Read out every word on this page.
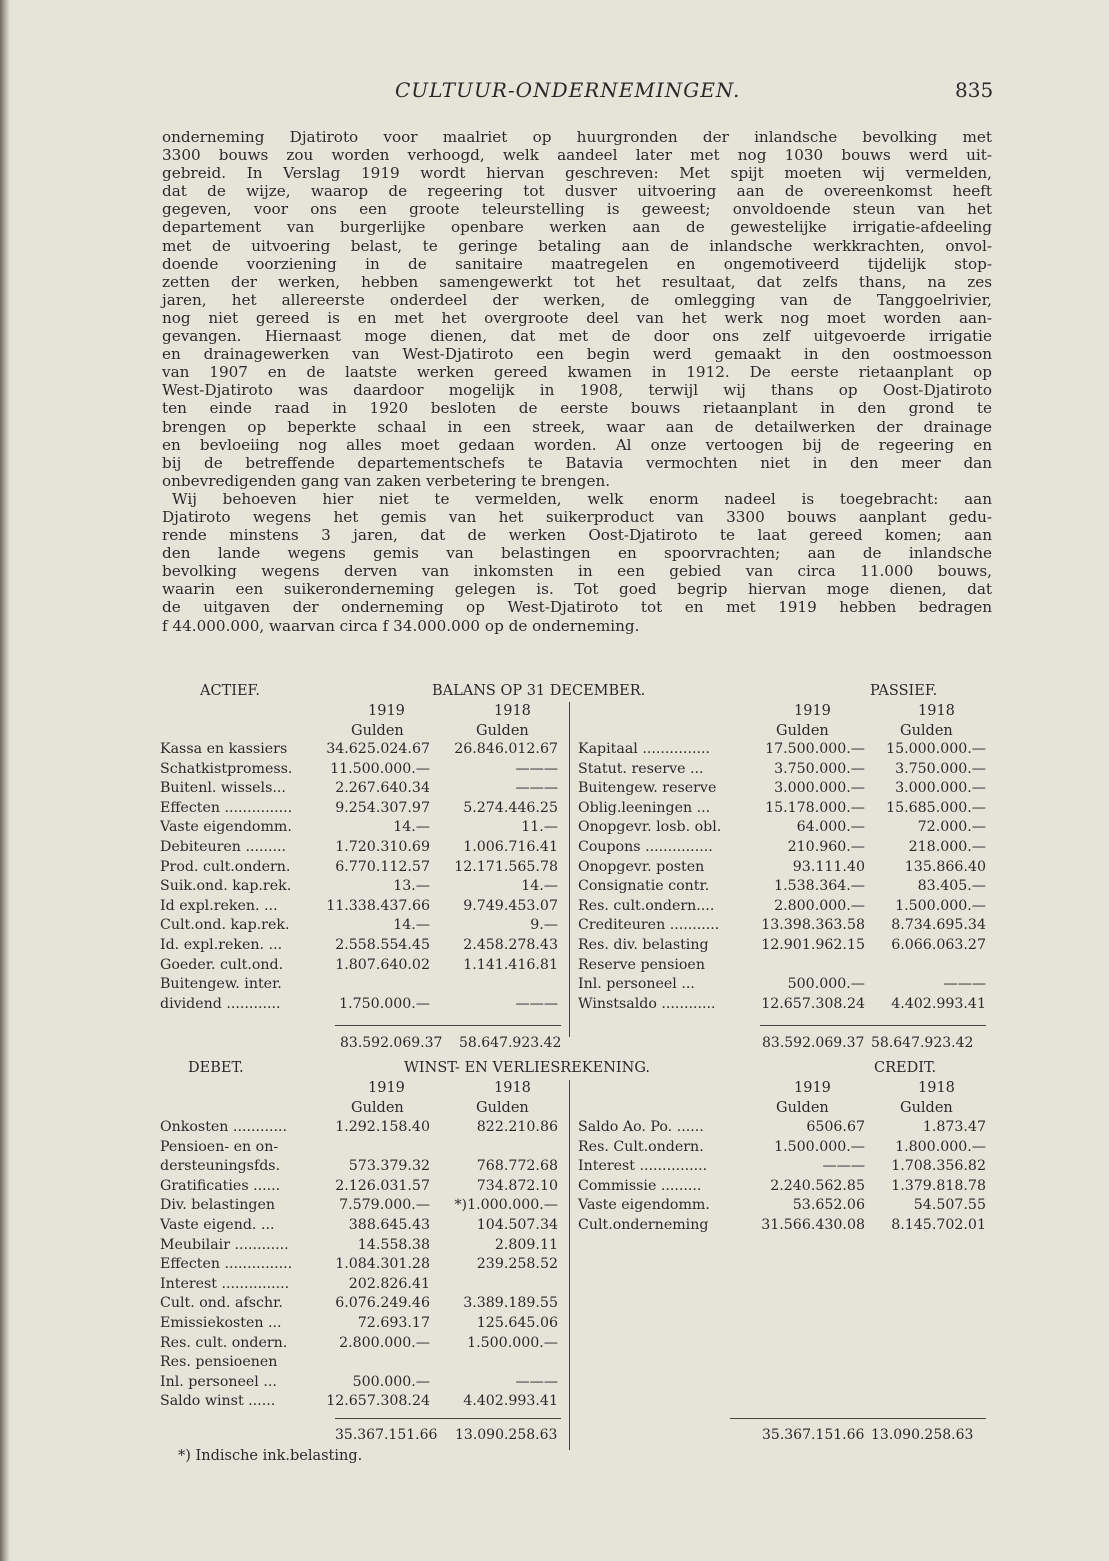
CULTUUR-ONDERNEMINGEN.	835
onderneming Djatiroto voor maalriet op huurgronden der inlandsche bevolking met
3300 bouws zou worden verhoogd, welk aandeel later met nog 1030 bouws werd uit-
gebreid. In Verslag 1919 wordt hiervan geschreven: Met spijt moeten wij vermelden,
dat de wijze, waarop de regeering tot dusver uitvoering aan de overeenkomst heeft
gegeven, voor ons een groote teleurstelling is geweest; onvoldoende steun van het
departement van burgerlijke openbare werken aan de gewestelijke irrigatie-afdeeling
met de uitvoering belast, te geringe betaling aan de inlandsche werkkrachten, onvol-
doende voorziening in de sanitaire maatregelen en ongemotiveerd tijdelijk stop-
zetten der werken, hebben samengewerkt tot het resultaat, dat zelfs thans, na zes
jaren, het allereerste onderdeel der werken, de omlegging van de Tanggoelrivier,
nog niet gereed is en met het overgroote deel van het werk nog moet worden aan-
gevangen. Hiernaast moge dienen, dat met de door ons zelf uitgevoerde irrigatie
en drainagewerken van West-Djatiroto een begin werd gemaakt in den oostmoesson
van 1907 en de laatste werken gereed kwamen in 1912. De eerste rietaanplant op
West-Djatiroto was daardoor mogelijk in 1908, terwijl wij thans op Oost-Djatiroto
ten einde raad in 1920 besloten de eerste bouws rietaanplant in den grond te
brengen op beperkte schaal in een streek, waar aan de detailwerken der drainage
en bevloeiing nog alles moet gedaan worden. Al onze vertoogen bij de regeering en
bij de betreffende departementschefs te Batavia vermochten niet in den meer dan
onbevredigenden gang van zaken verbetering te brengen.
Wij behoeven hier niet te vermelden, welk enorm nadeel is toegebracht: aan
Djatiroto wegens het gemis van het suikerproduct van 3300 bouws aanplant gedu-
rende minstens 3 jaren, dat de werken Oost-Djatiroto te laat gereed komen; aan
den lande wegens gemis van belastingen en spoorvrachten; aan de inlandsche
bevolking wegens derven van inkomsten in een gebied van circa 11.000 bouws,
waarin een suikeronderneming gelegen is. Tot goed begrip hiervan moge dienen, dat
de uitgaven der onderneming op West-Djatiroto tot en met 1919 hebben bedragen
f 44.000.000, waarvan circa f 34.000.000 op de onderneming.
ACTIEF.	BALANS OP 31 DECEMBER.	PASSIEF.
1919	1918
Gulden	Gulden
1919	1918
Gulden	Gulden
Kassa en kassiers	34.625.024.67 26.846.012.67
Schatkistpromess.	11.500.000.—	———
Buitenl. wissels...	2.267.640.34	———
Effecten ...............	9.254.307.97 5.274.446.25
Vaste eigendomm.	14.—	11.—
Debiteuren .........	1.720.310.69 1.006.716.41
Prod. cult.ondern.	6.770.112.57 12.171.565.78
Suik.ond. kap.rek.	13.—	14.—
Id expl.reken. ...	11.338.437.66 9.749.453.07
Cult.ond. kap.rek.	14.—	9.—
Id. expl.reken. ...	2.558.554.45 2.458.278.43
Goeder. cult.ond.	1.807.640.02 1.141.416.81
Buitengew. inter.
dividend ............	1.750.000.—	———
Kapitaal ...............	17.500.000.— 15.000.000.—
Statut. reserve ...	3.750.000.— 3.750.000.—
Buitengew. reserve	3.000.000.— 3.000.000.—
Oblig.leeningen ...	15.178.000.— 15.685.000.—
Onopgevr. losb. obl.	64.000.—	72.000.—
Coupons ...............	210.960.—	218.000.—
Onopgevr. posten	93.111.40	135.866.40
Consignatie contr.	1.538.364.—	83.405.—
Res. cult.ondern....	2.800.000.— 1.500.000.—
Crediteuren ...........	13.398.363.58 8.734.695.34
Res. div. belasting	12.901.962.15 6.066.063.27
Reserve pensioen
Inl. personeel ...	500.000.—	———
Winstsaldo ............	12.657.308.24 4.402.993.41
83.592.069.37 58.647.923.42	83.592.069.37 58.647.923.42
DEBET.	WINST- EN VERLIESREKENING.	CREDIT.
1919	1918
Gulden	Gulden
1919	1918
Gulden	Gulden
Onkosten ............	1.292.158.40	822.210.86
Pensioen- en on-
dersteuningsfds.	573.379.32	768.772.68
Gratificaties ......	2.126.031.57	734.872.10
Div. belastingen	7.579.000.— *)1.000.000.—
Vaste eigend. ...	388.645.43	104.507.34
Meubilair ............	14.558.38	2.809.11
Effecten ...............	1.084.301.28	239.258.52
Interest ...............	202.826.41
Cult. ond. afschr.	6.076.249.46 3.389.189.55
Emissiekosten ...	72.693.17	125.645.06
Res. cult. ondern.	2.800.000.—	1.500.000.—
Res. pensioenen
Inl. personeel ...	500.000.—	———
Saldo winst ......	12.657.308.24 4.402.993.41
Saldo Ao. Po. ......	6506.67	1.873.47
Res. Cult.ondern.	1.500.000.— 1.800.000.—
Interest ...............	——— 1.708.356.82
Commissie .........	2.240.562.85 1.379.818.78
Vaste eigendomm.	53.652.06	54.507.55
Cult.onderneming	31.566.430.08 8.145.702.01
35.367.151.66 13.090.258.63	35.367.151.66 13.090.258.63
*) Indische ink.belasting.
